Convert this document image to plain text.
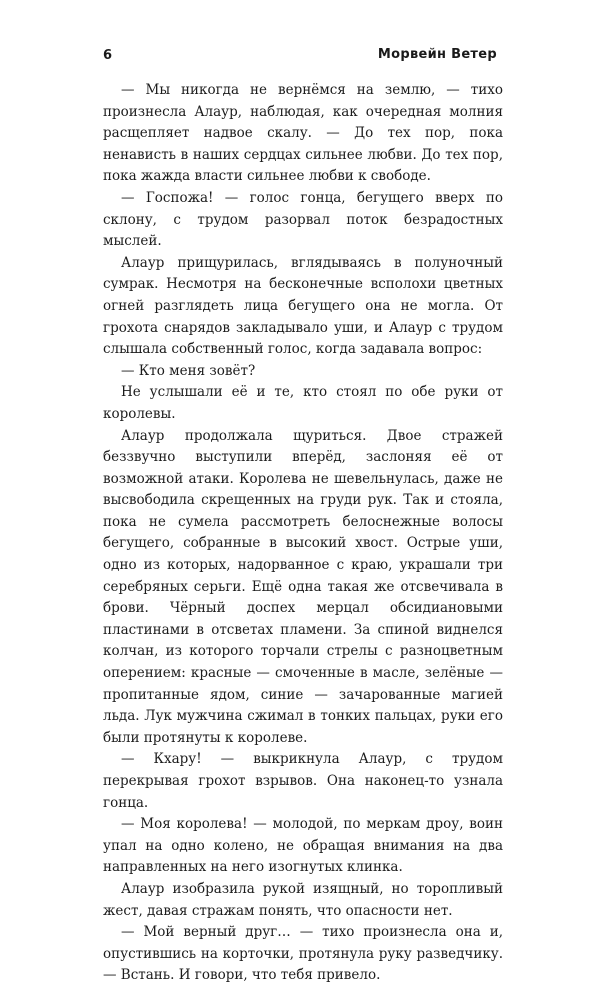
6	Морвейн Ветер

— Мы никогда не вернёмся на землю, — тихо произнесла Алаур, наблюдая, как очередная молния расщепляет надвое скалу. — До тех пор, пока ненависть в наших сердцах сильнее любви. До тех пор, пока жажда власти сильнее любви к свободе.

— Госпожа! — голос гонца, бегущего вверх по склону, с трудом разорвал поток безрадостных мыслей.

Алаур прищурилась, вглядываясь в полуночный сумрак. Несмотря на бесконечные всполохи цветных огней разглядеть лица бегущего она не могла. От грохота снарядов закладывало уши, и Алаур с трудом слышала собственный голос, когда задавала вопрос:

— Кто меня зовёт?

Не услышали её и те, кто стоял по обе руки от королевы.

Алаур продолжала щуриться. Двое стражей беззвучно выступили вперёд, заслоняя её от возможной атаки. Королева не шевельнулась, даже не высвободила скрещенных на груди рук. Так и стояла, пока не сумела рассмотреть белоснежные волосы бегущего, собранные в высокий хвост. Острые уши, одно из которых, надорванное с краю, украшали три серебряных серьги. Ещё одна такая же отсвечивала в брови. Чёрный доспех мерцал обсидиановыми пластинами в отсветах пламени. За спиной виднелся колчан, из которого торчали стрелы с разноцветным оперением: красные — смоченные в масле, зелёные — пропитанные ядом, синие — зачарованные магией льда. Лук мужчина сжимал в тонких пальцах, руки его были протянуты к королеве.

— Кхару! — выкрикнула Алаур, с трудом перекрывая грохот взрывов. Она наконец-то узнала гонца.

— Моя королева! — молодой, по меркам дроу, воин упал на одно колено, не обращая внимания на два направленных на него изогнутых клинка.

Алаур изобразила рукой изящный, но торопливый жест, давая стражам понять, что опасности нет.

— Мой верный друг… — тихо произнесла она и, опустившись на корточки, протянула руку разведчику. — Встань. И говори, что тебя привело.
